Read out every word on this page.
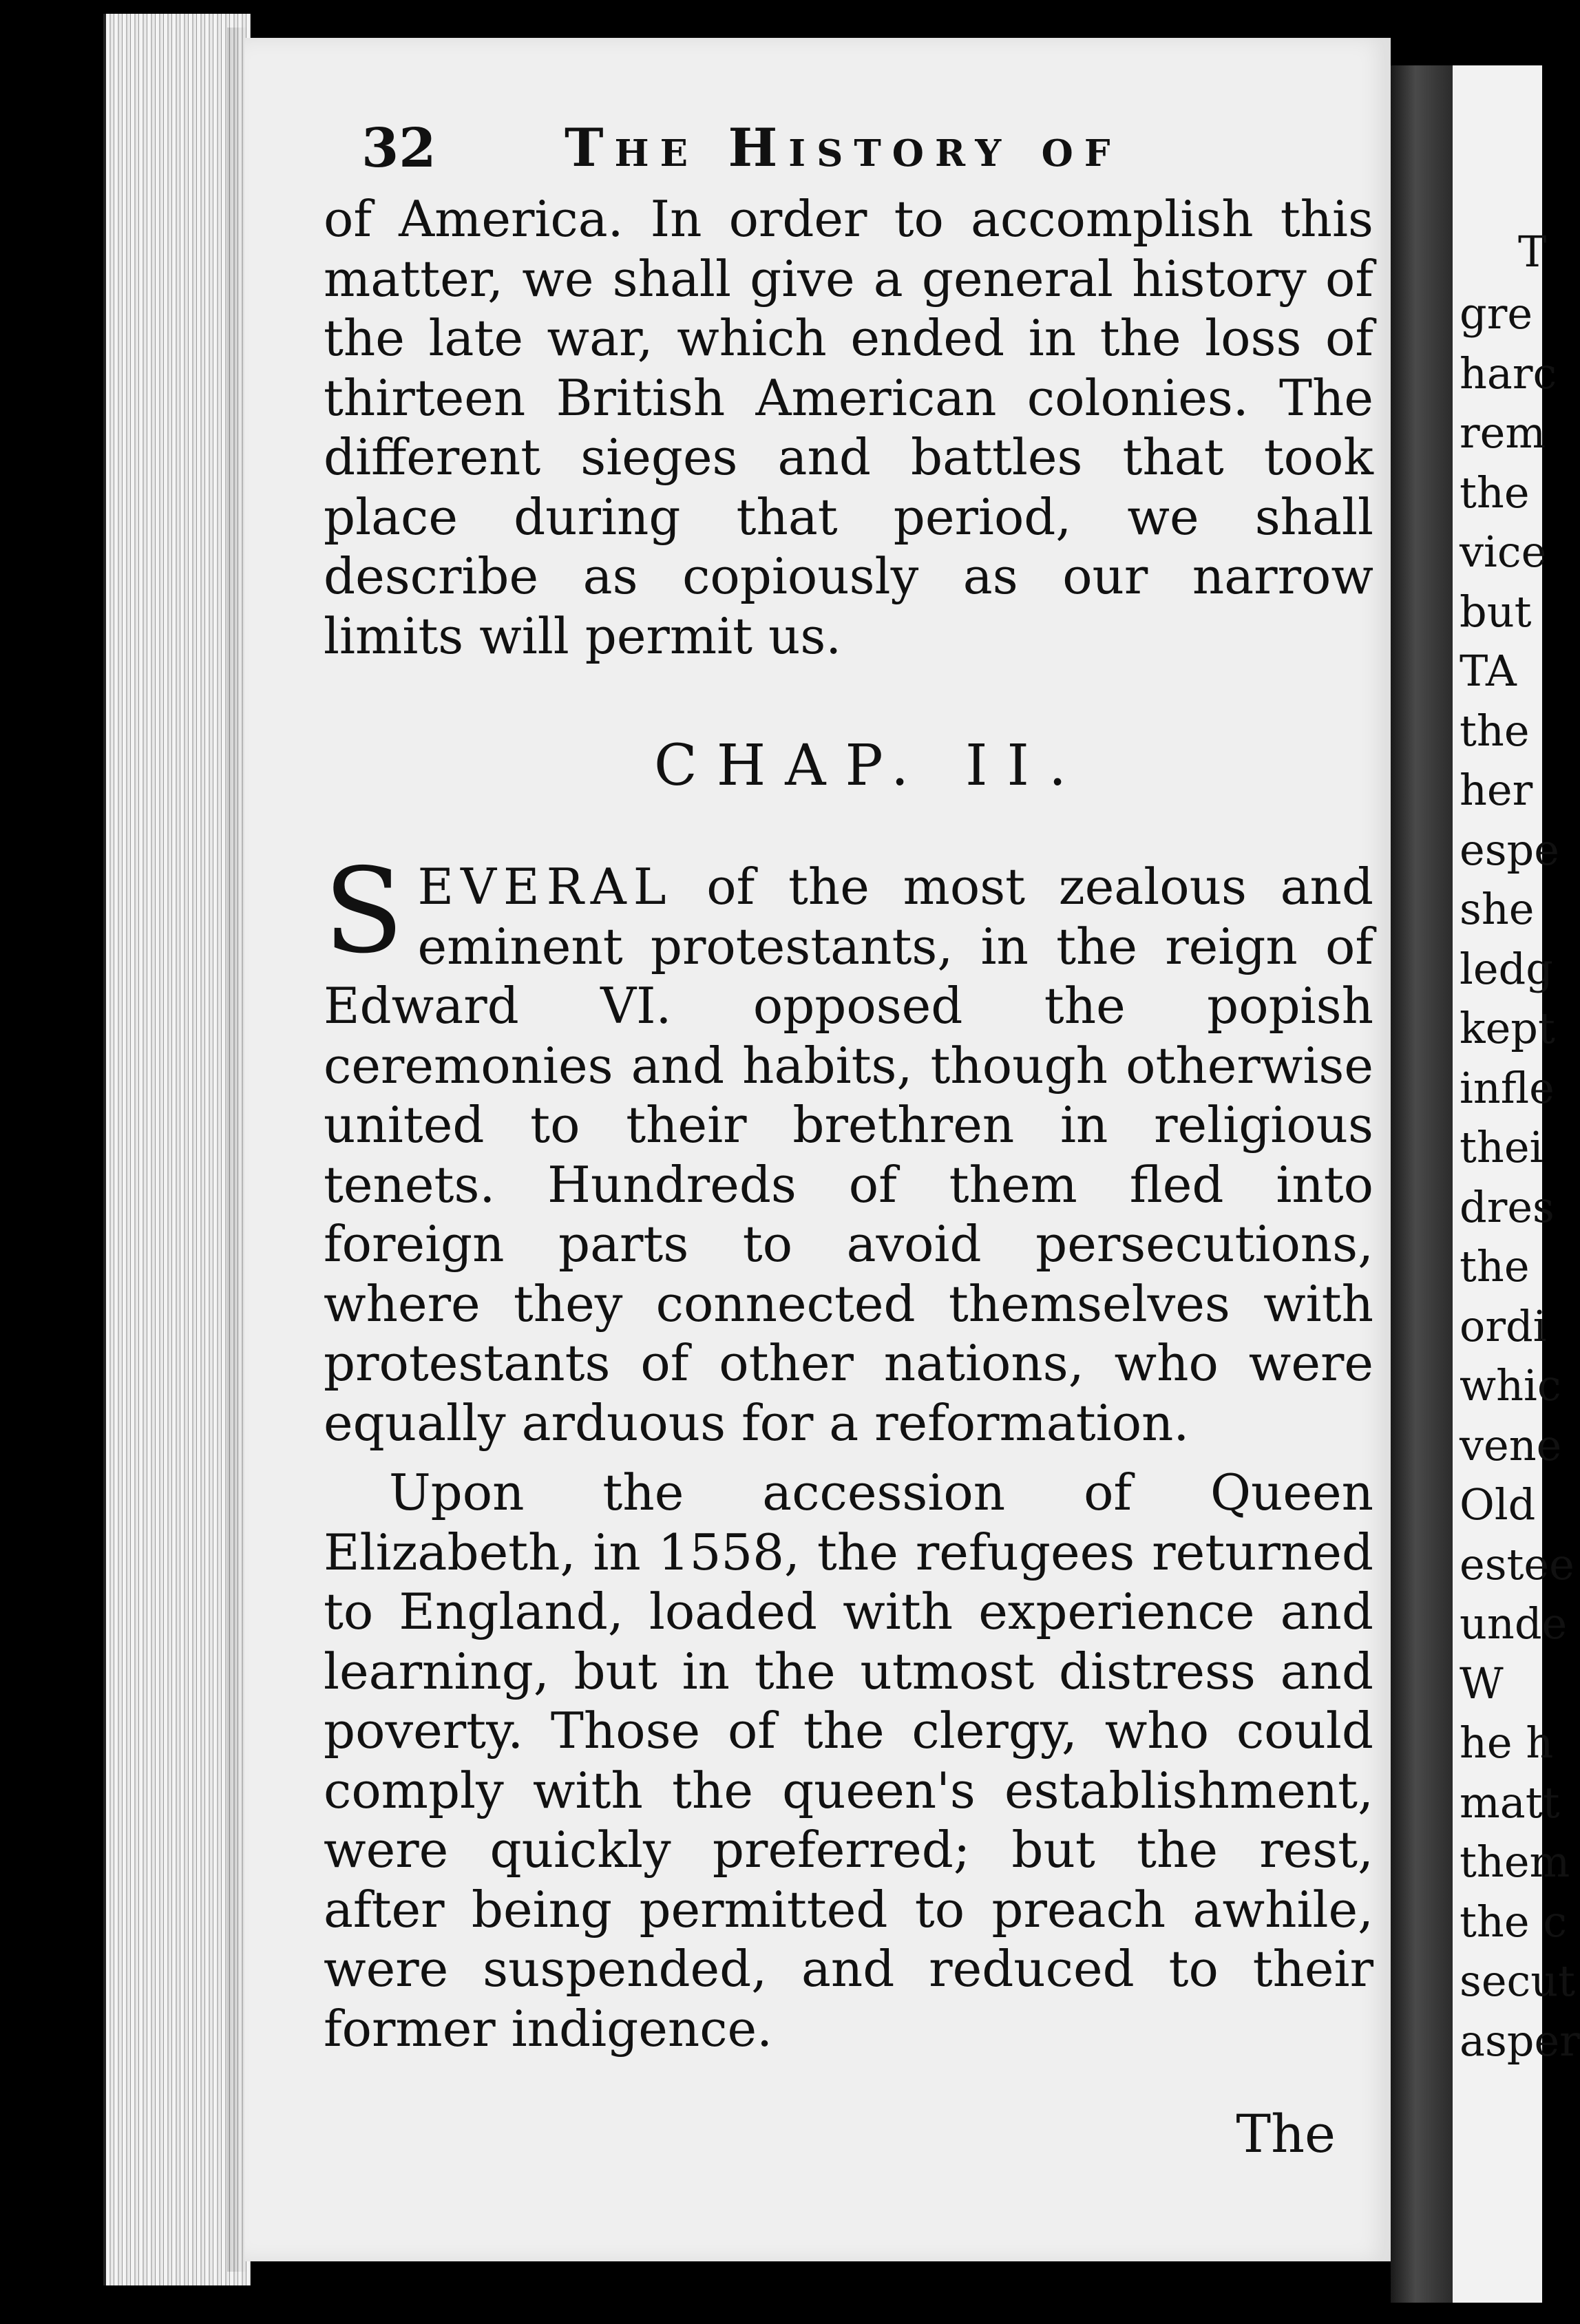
32 The History of

of America. In order to accomplish this matter, we shall give a general history of the late war, which ended in the loss of thirteen British American colonies. The different sieges and battles that took place during that period, we shall describe as copiously as our narrow limits will permit us.

CHAP. II.

SEVERAL of the most zealous and eminent protestants, in the reign of Edward VI. opposed the popish ceremonies and habits, though otherwise united to their brethren in religious tenets. Hundreds of them fled into foreign parts to avoid persecutions, where they connected themselves with protestants of other nations, who were equally arduous for a reformation.

Upon the accession of Queen Elizabeth, in 1558, the refugees returned to England, loaded with experience and learning, but in the utmost distress and poverty. Those of the clergy, who could comply with the queen's establishment, were quickly preferred; but the rest, after being permitted to preach awhile, were suspended, and reduced to their former indigence.

The
T
gre
harc
rem
the
vice
but
TA
the
her
espe
she
ledg
kept
infle
thei
dres
the
ordi
whic
vene
Old
estee
unde
W
he h
matt
them
the c
secut
asper
